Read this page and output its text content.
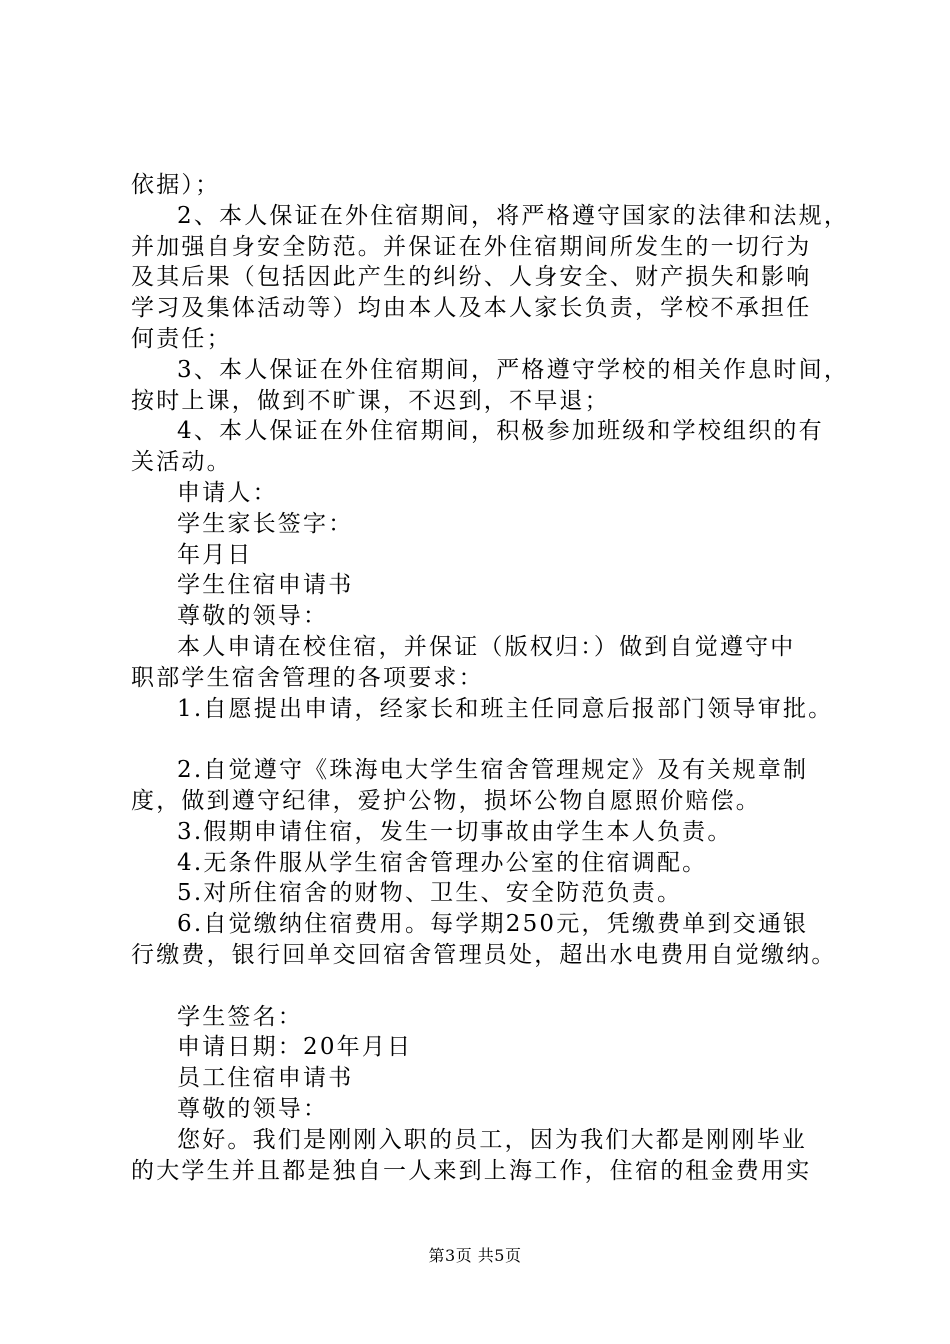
依据）；
2、本人保证在外住宿期间，将严格遵守国家的法律和法规，
并加强自身安全防范。并保证在外住宿期间所发生的一切行为
及其后果（包括因此产生的纠纷、人身安全、财产损失和影响
学习及集体活动等）均由本人及本人家长负责，学校不承担任
何责任；
3、本人保证在外住宿期间，严格遵守学校的相关作息时间，
按时上课，做到不旷课，不迟到，不早退；
4、本人保证在外住宿期间，积极参加班级和学校组织的有
关活动。
申请人：
学生家长签字：
年月日
学生住宿申请书
尊敬的领导：
本人申请在校住宿，并保证（版权归：）做到自觉遵守中
职部学生宿舍管理的各项要求：
1.自愿提出申请，经家长和班主任同意后报部门领导审批。
2.自觉遵守《珠海电大学生宿舍管理规定》及有关规章制
度，做到遵守纪律，爱护公物，损坏公物自愿照价赔偿。
3.假期申请住宿，发生一切事故由学生本人负责。
4.无条件服从学生宿舍管理办公室的住宿调配。
5.对所住宿舍的财物、卫生、安全防范负责。
6.自觉缴纳住宿费用。每学期250元，凭缴费单到交通银
行缴费，银行回单交回宿舍管理员处，超出水电费用自觉缴纳。
学生签名：
申请日期：20年月日
员工住宿申请书
尊敬的领导：
您好。我们是刚刚入职的员工，因为我们大都是刚刚毕业
的大学生并且都是独自一人来到上海工作，住宿的租金费用实
第3页 共5页
